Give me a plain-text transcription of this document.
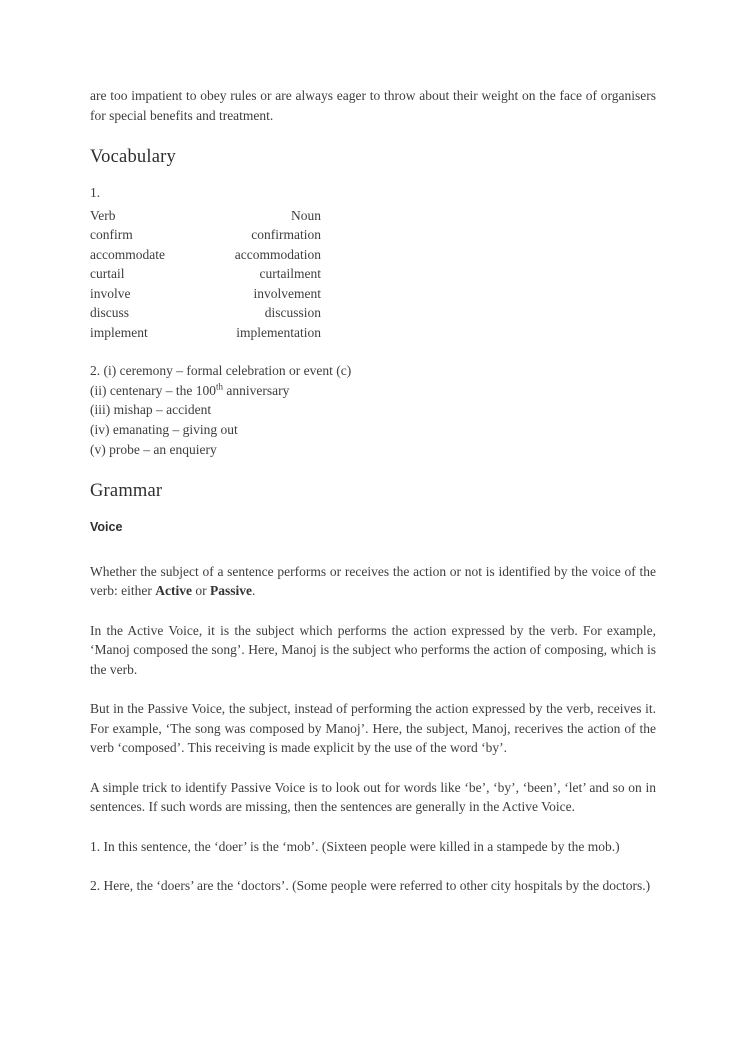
are too impatient to obey rules or are always eager to throw about their weight on the face of organisers for special benefits and treatment.

Vocabulary
1.
Verb	Noun
confirm	confirmation
accommodate	accommodation
curtail	curtailment
involve	involvement
discuss	discussion
implement	implementation
2. (i) ceremony – formal celebration or event (c)
(ii) centenary – the 100th anniversary
(iii) mishap – accident
(iv) emanating – giving out
(v) probe – an enquiery
Grammar
Voice

Whether the subject of a sentence performs or receives the action or not is identified by the voice of the verb: either Active or Passive.

In the Active Voice, it is the subject which performs the action expressed by the verb. For example, ‘Manoj composed the song’. Here, Manoj is the subject who performs the action of composing, which is the verb.

But in the Passive Voice, the subject, instead of performing the action expressed by the verb, receives it. For example, ‘The song was composed by Manoj’. Here, the subject, Manoj, recerives the action of the verb ‘composed’. This receiving is made explicit by the use of the word ‘by’.

A simple trick to identify Passive Voice is to look out for words like ‘be’, ‘by’, ‘been’, ‘let’ and so on in sentences. If such words are missing, then the sentences are generally in the Active Voice.

1. In this sentence, the ‘doer’ is the ‘mob’. (Sixteen people were killed in a stampede by the mob.)

2. Here, the ‘doers’ are the ‘doctors’. (Some people were referred to other city hospitals by the doctors.)
